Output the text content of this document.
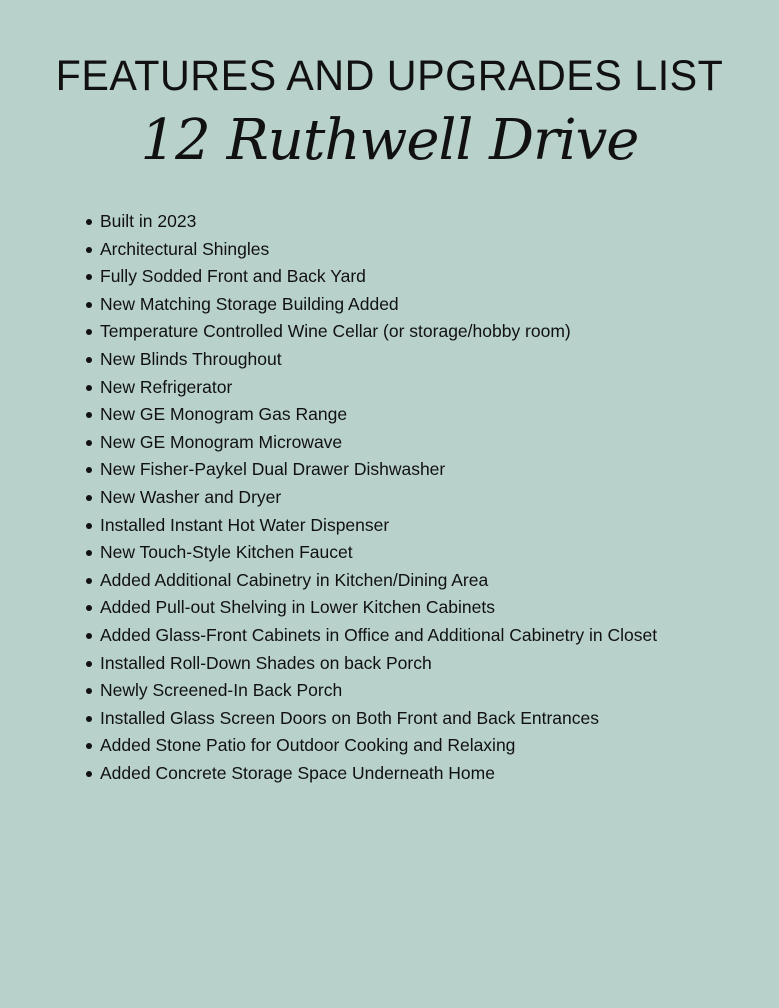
FEATURES AND UPGRADES LIST
12 Ruthwell Drive
Built in 2023
Architectural Shingles
Fully Sodded Front and Back Yard
New Matching Storage Building Added
Temperature Controlled Wine Cellar (or storage/hobby room)
New Blinds Throughout
New Refrigerator
New GE Monogram Gas Range
New GE Monogram Microwave
New Fisher-Paykel Dual Drawer Dishwasher
New Washer and Dryer
Installed Instant Hot Water Dispenser
New Touch-Style Kitchen Faucet
Added Additional Cabinetry in Kitchen/Dining Area
Added Pull-out Shelving in Lower Kitchen Cabinets
Added Glass-Front Cabinets in Office and Additional Cabinetry in Closet
Installed Roll-Down Shades on back Porch
Newly Screened-In Back Porch
Installed Glass Screen Doors on Both Front and Back Entrances
Added Stone Patio for Outdoor Cooking and Relaxing
Added Concrete Storage Space Underneath Home
